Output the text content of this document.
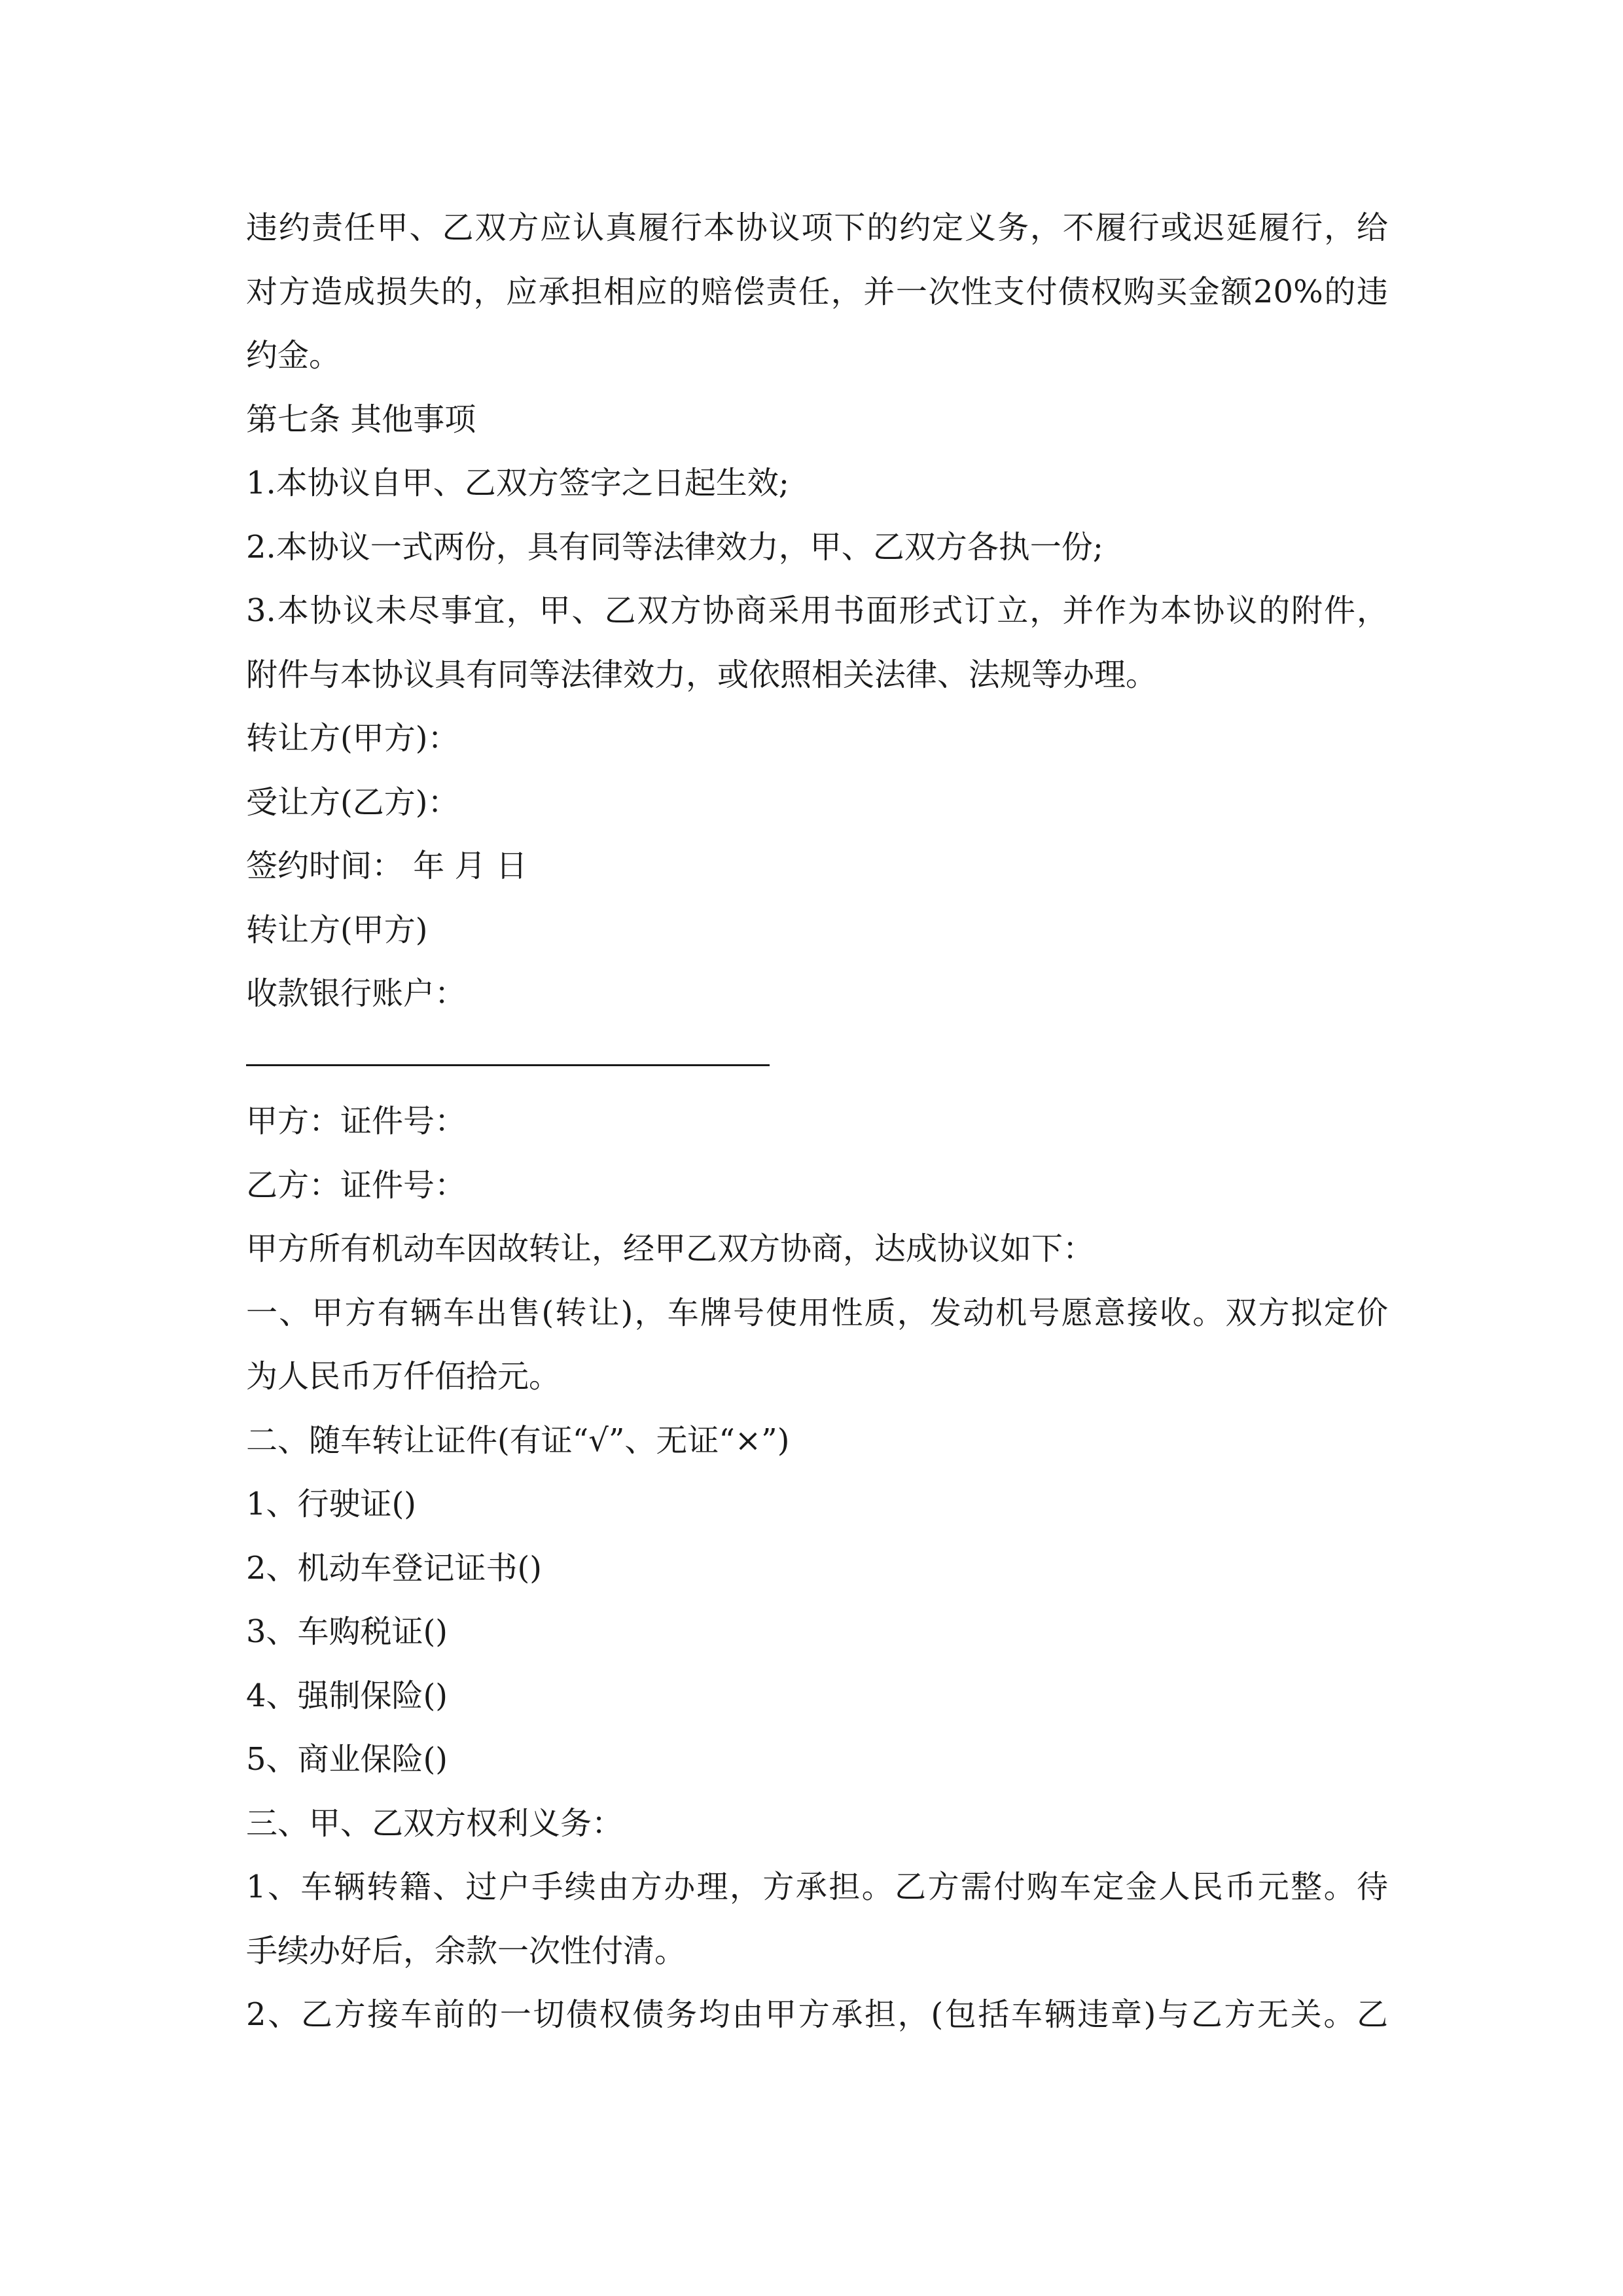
违约责任甲、乙双方应认真履行本协议项下的约定义务，不履行或迟延履行，给
对方造成损失的，应承担相应的赔偿责任，并一次性支付债权购买金额20%的违
约金。
第七条 其他事项
1.本协议自甲、乙双方签字之日起生效;
2.本协议一式两份，具有同等法律效力，甲、乙双方各执一份;
3.本协议未尽事宜，甲、乙双方协商采用书面形式订立，并作为本协议的附件，
附件与本协议具有同等法律效力，或依照相关法律、法规等办理。
转让方(甲方)：
受让方(乙方)：
签约时间： 年 月 日
转让方(甲方)
收款银行账户：
甲方：证件号：
乙方：证件号：
甲方所有机动车因故转让，经甲乙双方协商，达成协议如下：
一、甲方有辆车出售(转让)，车牌号使用性质，发动机号愿意接收。双方拟定价
为人民币万仟佰拾元。
二、随车转让证件(有证“√”、无证“×”)
1、行驶证()
2、机动车登记证书()
3、车购税证()
4、强制保险()
5、商业保险()
三、甲、乙双方权利义务：
1、车辆转籍、过户手续由方办理，方承担。乙方需付购车定金人民币元整。待
手续办好后，余款一次性付清。
2、乙方接车前的一切债权债务均由甲方承担，(包括车辆违章)与乙方无关。乙
